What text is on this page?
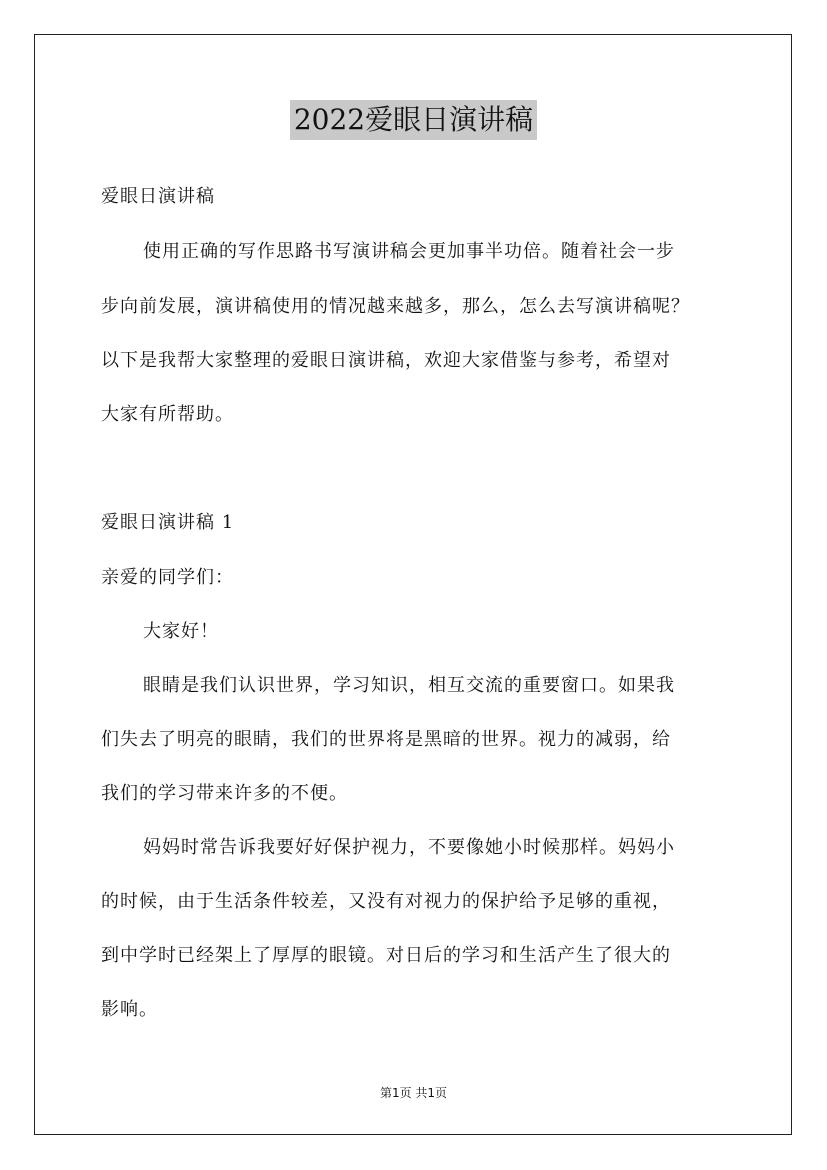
2022爱眼日演讲稿
爱眼日演讲稿
使用正确的写作思路书写演讲稿会更加事半功倍。随着社会一步
步向前发展，演讲稿使用的情况越来越多，那么，怎么去写演讲稿呢？
以下是我帮大家整理的爱眼日演讲稿，欢迎大家借鉴与参考，希望对
大家有所帮助。
爱眼日演讲稿 1
亲爱的同学们：
大家好！
眼睛是我们认识世界，学习知识，相互交流的重要窗口。如果我
们失去了明亮的眼睛，我们的世界将是黑暗的世界。视力的减弱，给
我们的学习带来许多的不便。
妈妈时常告诉我要好好保护视力，不要像她小时候那样。妈妈小
的时候，由于生活条件较差，又没有对视力的保护给予足够的重视，
到中学时已经架上了厚厚的眼镜。对日后的学习和生活产生了很大的
影响。
第1页 共1页
